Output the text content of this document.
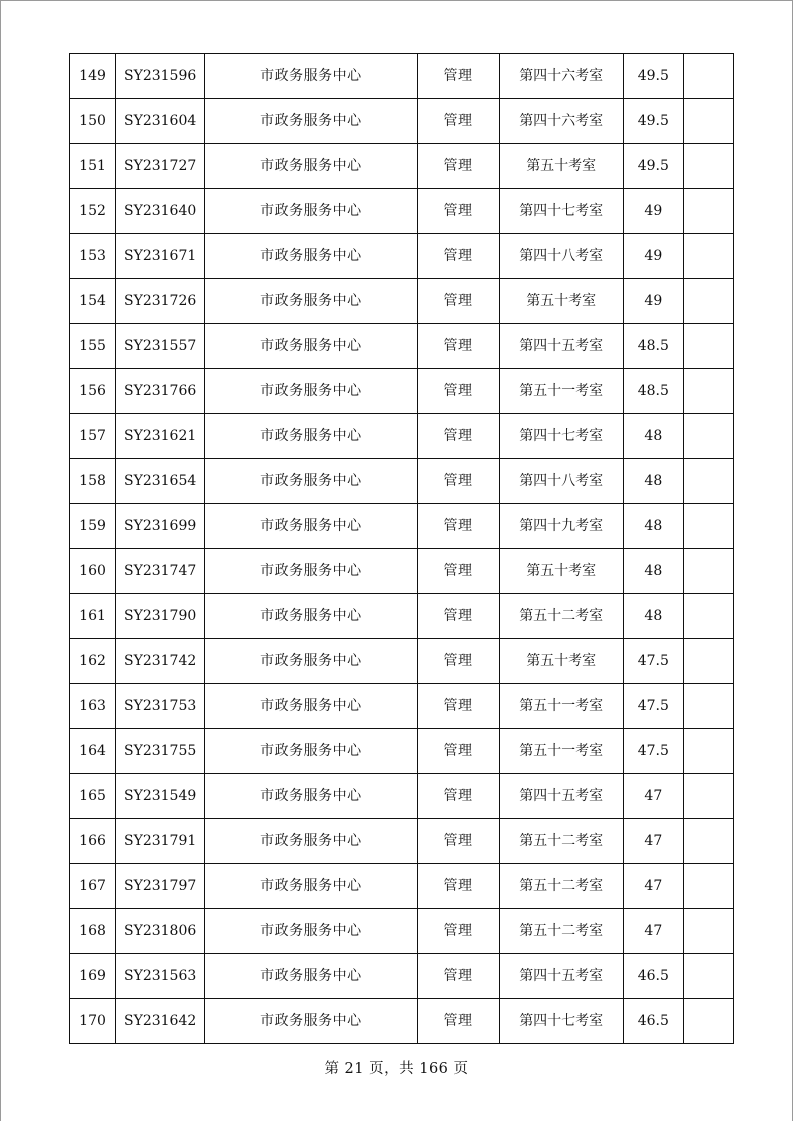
149	SY231596	市政务服务中心	管理	第四十六考室	49.5	
150	SY231604	市政务服务中心	管理	第四十六考室	49.5	
151	SY231727	市政务服务中心	管理	第五十考室	49.5	
152	SY231640	市政务服务中心	管理	第四十七考室	49	
153	SY231671	市政务服务中心	管理	第四十八考室	49	
154	SY231726	市政务服务中心	管理	第五十考室	49	
155	SY231557	市政务服务中心	管理	第四十五考室	48.5	
156	SY231766	市政务服务中心	管理	第五十一考室	48.5	
157	SY231621	市政务服务中心	管理	第四十七考室	48	
158	SY231654	市政务服务中心	管理	第四十八考室	48	
159	SY231699	市政务服务中心	管理	第四十九考室	48	
160	SY231747	市政务服务中心	管理	第五十考室	48	
161	SY231790	市政务服务中心	管理	第五十二考室	48	
162	SY231742	市政务服务中心	管理	第五十考室	47.5	
163	SY231753	市政务服务中心	管理	第五十一考室	47.5	
164	SY231755	市政务服务中心	管理	第五十一考室	47.5	
165	SY231549	市政务服务中心	管理	第四十五考室	47	
166	SY231791	市政务服务中心	管理	第五十二考室	47	
167	SY231797	市政务服务中心	管理	第五十二考室	47	
168	SY231806	市政务服务中心	管理	第五十二考室	47	
169	SY231563	市政务服务中心	管理	第四十五考室	46.5	
170	SY231642	市政务服务中心	管理	第四十七考室	46.5	
第 21 页，共 166 页
